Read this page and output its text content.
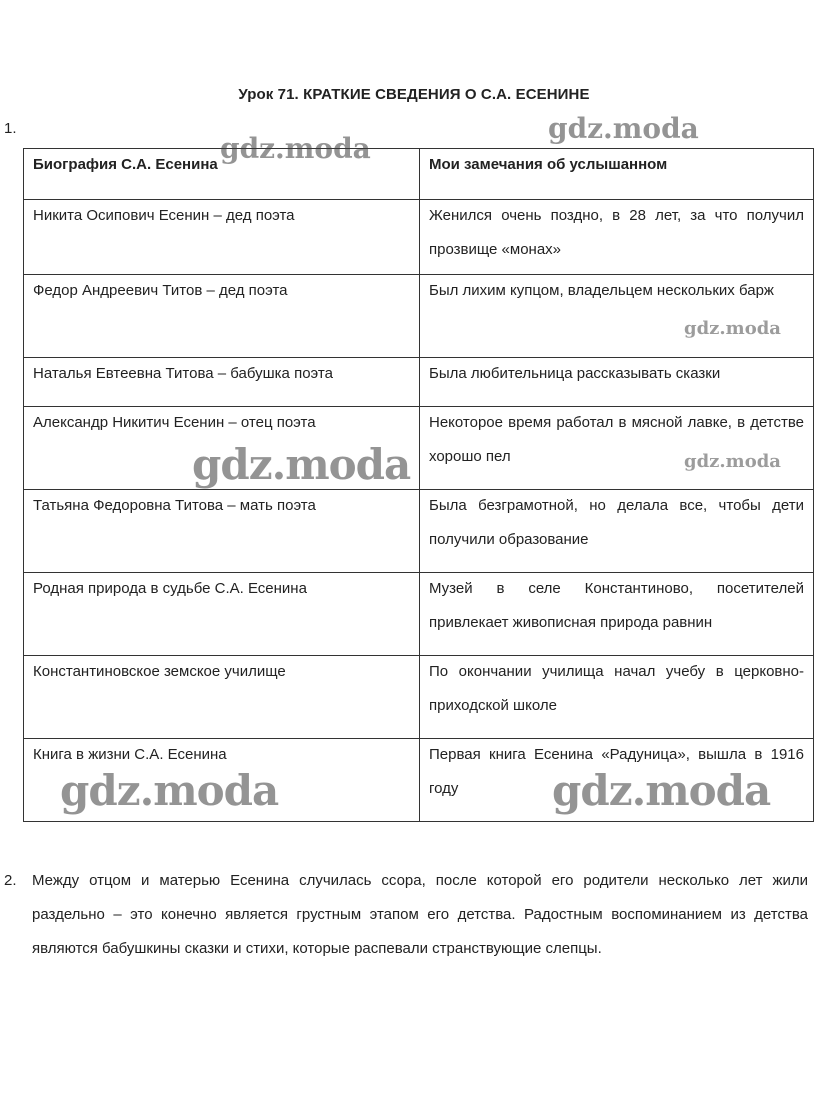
Урок 71. КРАТКИЕ СВЕДЕНИЯ О С.А. ЕСЕНИНЕ
1.
Биография С.А. Есенина	Мои замечания об услышанном

Никита Осипович Есенин – дед поэта	Женился очень поздно, в 28 лет, за что получил прозвище «монах»

Федор Андреевич Титов – дед поэта	Был лихим купцом, владельцем нескольких барж

Наталья Евтеевна Титова – бабушка поэта	Была любительница рассказывать сказки

Александр Никитич Есенин – отец поэта	Некоторое время работал в мясной лавке, в детстве хорошо пел

Татьяна Федоровна Титова – мать поэта	Была безграмотной, но делала все, чтобы дети получили образование

Родная природа в судьбе С.А. Есенина	Музей в селе Константиново, посетителей привлекает живописная природа равнин

Константиновское земское училище	По окончании училища начал учебу в церковно-приходской школе

Книга в жизни С.А. Есенина	Первая книга Есенина «Радуница», вышла в 1916 году
2. Между отцом и матерью Есенина случилась ссора, после которой его родители несколько лет жили раздельно – это конечно является грустным этапом его детства. Радостным воспоминанием из детства являются бабушкины сказки и стихи, которые распевали странствующие слепцы.
gdz.moda
gdz.moda
gdz.moda
gdz.moda	gdz.moda
gdz.moda	gdz.moda
